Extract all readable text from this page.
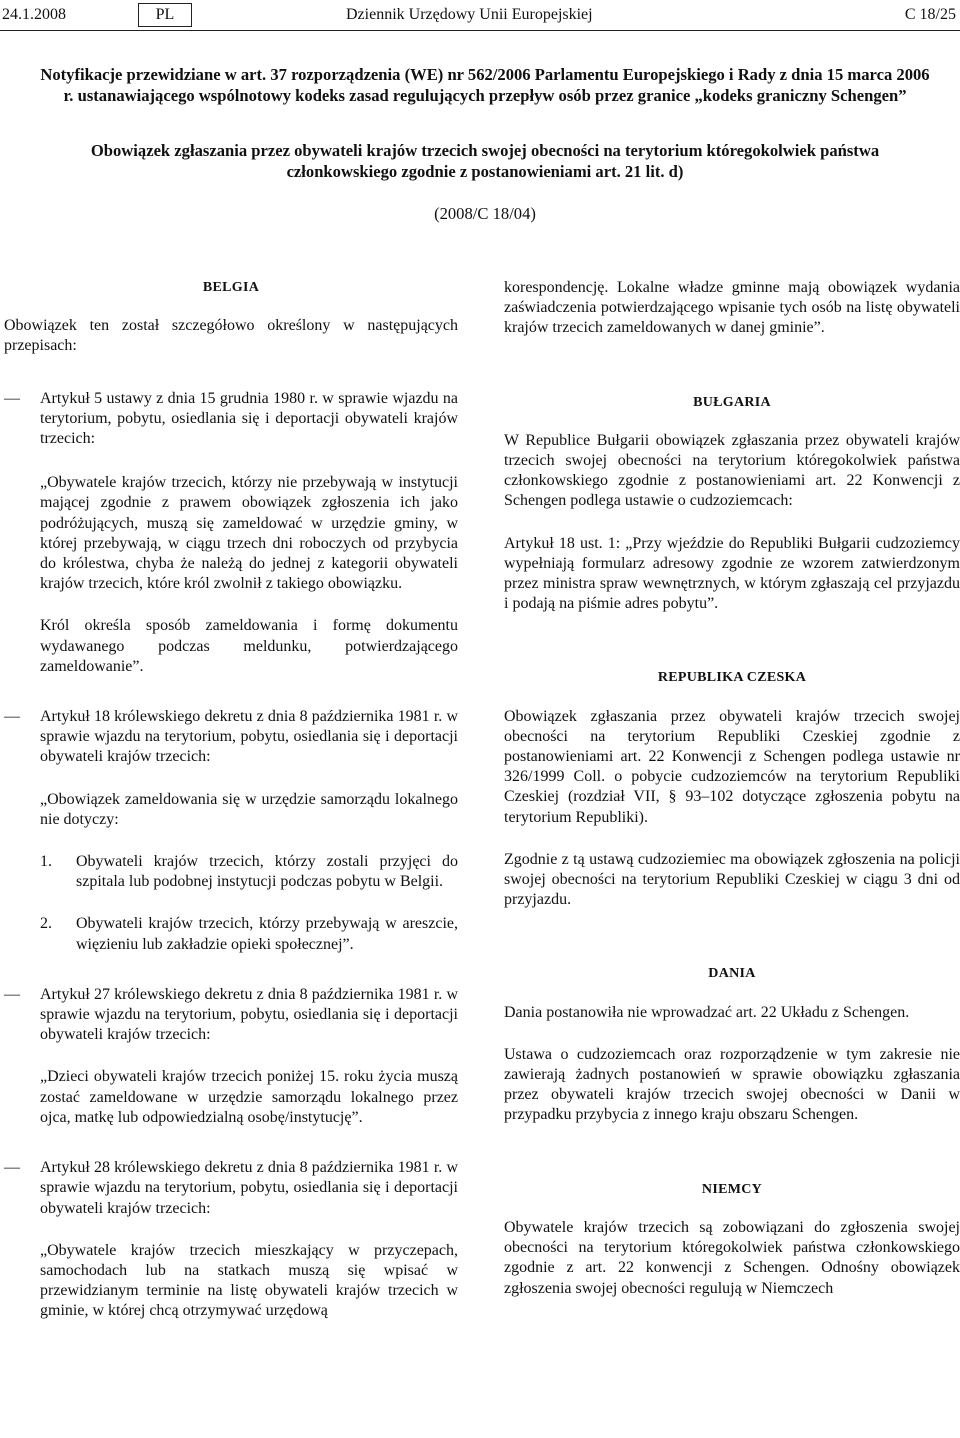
24.1.2008	PL	Dziennik Urzędowy Unii Europejskiej	C 18/25
Notyfikacje przewidziane w art. 37 rozporządzenia (WE) nr 562/2006 Parlamentu Europejskiego i Rady z dnia 15 marca 2006 r. ustanawiającego wspólnotowy kodeks zasad regulujących przepływ osób przez granice „kodeks graniczny Schengen”
Obowiązek zgłaszania przez obywateli krajów trzecich swojej obecności na terytorium któregokolwiek państwa członkowskiego zgodnie z postanowieniami art. 21 lit. d)
(2008/C 18/04)

BELGIA

Obowiązek ten został szczegółowo określony w następujących przepisach:

— Artykuł 5 ustawy z dnia 15 grudnia 1980 r. w sprawie wjazdu na terytorium, pobytu, osiedlania się i deportacji obywateli krajów trzecich:

„Obywatele krajów trzecich, którzy nie przebywają w instytucji mającej zgodnie z prawem obowiązek zgłoszenia ich jako podróżujących, muszą się zameldować w urzędzie gminy, w której przebywają, w ciągu trzech dni roboczych od przybycia do królestwa, chyba że należą do jednej z kategorii obywateli krajów trzecich, które król zwolnił z takiego obowiązku.

Król określa sposób zameldowania i formę dokumentu wydawanego podczas meldunku, potwierdzającego zameldowanie”.

— Artykuł 18 królewskiego dekretu z dnia 8 października 1981 r. w sprawie wjazdu na terytorium, pobytu, osiedlania się i deportacji obywateli krajów trzecich:

„Obowiązek zameldowania się w urzędzie samorządu lokalnego nie dotyczy:

1. Obywateli krajów trzecich, którzy zostali przyjęci do szpitala lub podobnej instytucji podczas pobytu w Belgii.

2. Obywateli krajów trzecich, którzy przebywają w areszcie, więzieniu lub zakładzie opieki społecznej”.

— Artykuł 27 królewskiego dekretu z dnia 8 października 1981 r. w sprawie wjazdu na terytorium, pobytu, osiedlania się i deportacji obywateli krajów trzecich:

„Dzieci obywateli krajów trzecich poniżej 15. roku życia muszą zostać zameldowane w urzędzie samorządu lokalnego przez ojca, matkę lub odpowiedzialną osobę/instytucję”.

— Artykuł 28 królewskiego dekretu z dnia 8 października 1981 r. w sprawie wjazdu na terytorium, pobytu, osiedlania się i deportacji obywateli krajów trzecich:

„Obywatele krajów trzecich mieszkający w przyczepach, samochodach lub na statkach muszą się wpisać w przewidzianym terminie na listę obywateli krajów trzecich w gminie, w której chcą otrzymywać urzędową

korespondencję. Lokalne władze gminne mają obowiązek wydania zaświadczenia potwierdzającego wpisanie tych osób na listę obywateli krajów trzecich zameldowanych w danej gminie”.

BUŁGARIA

W Republice Bułgarii obowiązek zgłaszania przez obywateli krajów trzecich swojej obecności na terytorium któregokolwiek państwa członkowskiego zgodnie z postanowieniami art. 22 Konwencji z Schengen podlega ustawie o cudzoziemcach:

Artykuł 18 ust. 1: „Przy wjeździe do Republiki Bułgarii cudzoziemcy wypełniają formularz adresowy zgodnie ze wzorem zatwierdzonym przez ministra spraw wewnętrznych, w którym zgłaszają cel przyjazdu i podają na piśmie adres pobytu”.

REPUBLIKA CZESKA

Obowiązek zgłaszania przez obywateli krajów trzecich swojej obecności na terytorium Republiki Czeskiej zgodnie z postanowieniami art. 22 Konwencji z Schengen podlega ustawie nr 326/1999 Coll. o pobycie cudzoziemców na terytorium Republiki Czeskiej (rozdział VII, § 93–102 dotyczące zgłoszenia pobytu na terytorium Republiki).

Zgodnie z tą ustawą cudzoziemiec ma obowiązek zgłoszenia na policji swojej obecności na terytorium Republiki Czeskiej w ciągu 3 dni od przyjazdu.

DANIA

Dania postanowiła nie wprowadzać art. 22 Układu z Schengen.

Ustawa o cudzoziemcach oraz rozporządzenie w tym zakresie nie zawierają żadnych postanowień w sprawie obowiązku zgłaszania przez obywateli krajów trzecich swojej obecności w Danii w przypadku przybycia z innego kraju obszaru Schengen.

NIEMCY

Obywatele krajów trzecich są zobowiązani do zgłoszenia swojej obecności na terytorium któregokolwiek państwa członkowskiego zgodnie z art. 22 konwencji z Schengen. Odnośny obowiązek zgłoszenia swojej obecności regulują w Niemczech
